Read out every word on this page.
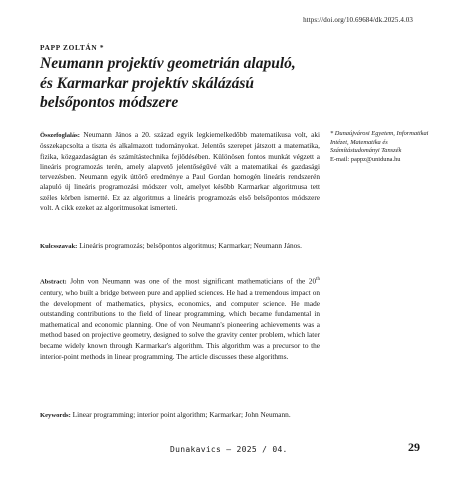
https://doi.org/10.69684/dk.2025.4.03
PAPP ZOLTÁN *
Neumann projektív geometrián alapuló,
és Karmarkar projektív skálázású
belsőpontos módszere

Összefoglalás: Neumann János a 20. század egyik legkiemelkedőbb matematikusa volt, aki összekapcsolta a tiszta és alkalmazott tudományokat. Jelentős szerepet játszott a matematika, fizika, közgazdaságtan és számítástechnika fejlődésében. Különösen fontos munkát végzett a lineáris programozás terén, amely alapvető jelentőségűvé vált a matematikai és gazdasági tervezésben. Neumann egyik úttörő eredménye a Paul Gordan homogén lineáris rendszerén alapuló új lineáris programozási módszer volt, amelyet később Karmarkar algoritmusa tett széles körben ismertté. Ez az algoritmus a lineáris programozás első belsőpontos módszere volt. A cikk ezeket az algoritmusokat ismerteti.

Kulcsszavak: Lineáris programozás; belsőpontos algoritmus; Karmarkar; Neumann János.

* Dunaújvárosi Egyetem, Informatikai Intézet, Matematika és Számítástudományi Tanszék
E-mail: pappz@uniduna.hu

Abstract: John von Neumann was one of the most significant mathematicians of the 20th century, who built a bridge between pure and applied sciences. He had a tremendous impact on the development of mathematics, physics, economics, and computer science. He made outstanding contributions to the field of linear programming, which became fundamental in mathematical and economic planning. One of von Neumann's pioneering achievements was a method based on projective geometry, designed to solve the gravity center problem, which later became widely known through Karmarkar's algorithm. This algorithm was a precursor to the interior-point methods in linear programming. The article discusses these algorithms.

Keywords: Linear programming; interior point algorithm; Karmarkar; John Neumann.

Dunakavics – 2025 / 04.	29
